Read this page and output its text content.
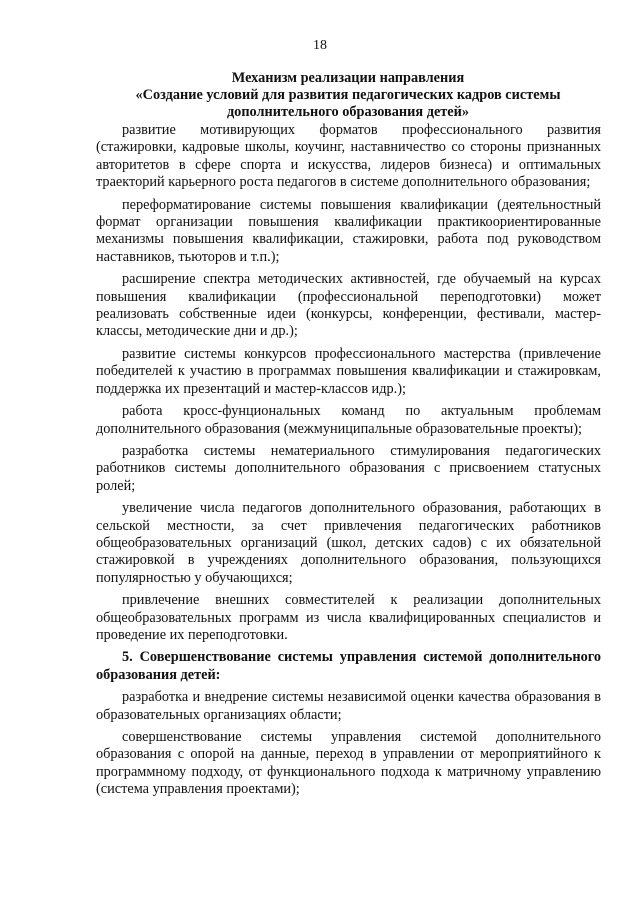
18
Механизм реализации направления
«Создание условий для развития педагогических кадров системы дополнительного образования детей»

развитие мотивирующих форматов профессионального развития (стажировки, кадровые школы, коучинг, наставничество со стороны признанных авторитетов в сфере спорта и искусства, лидеров бизнеса) и оптимальных траекторий карьерного роста педагогов в системе дополнительного образования;

переформатирование системы повышения квалификации (деятельностный формат организации повышения квалификации практикоориентированные механизмы повышения квалификации, стажировки, работа под руководством наставников, тьюторов и т.п.);

расширение спектра методических активностей, где обучаемый на курсах повышения квалификации (профессиональной переподготовки) может реализовать собственные идеи (конкурсы, конференции, фестивали, мастер-классы, методические дни и др.);

развитие системы конкурсов профессионального мастерства (привлечение победителей к участию в программах повышения квалификации и стажировкам, поддержка их презентаций и мастер-классов идр.);

работа кросс-фунциональных команд по актуальным проблемам дополнительного образования (межмуниципальные образовательные проекты);

разработка системы нематериального стимулирования педагогических работников системы дополнительного образования с присвоением статусных ролей;

увеличение числа педагогов дополнительного образования, работающих в сельской местности, за счет привлечения педагогических работников общеобразовательных организаций (школ, детских садов) с их обязательной стажировкой в учреждениях дополнительного образования, пользующихся популярностью у обучающихся;

привлечение внешних совместителей к реализации дополнительных общеобразовательных программ из числа квалифицированных специалистов и проведение их переподготовки.

5. Совершенствование системы управления системой дополнительного образования детей:

разработка и внедрение системы независимой оценки качества образования в образовательных организациях области;

совершенствование системы управления системой дополнительного образования с опорой на данные, переход в управлении от мероприятийного к программному подходу, от функционального подхода к матричному управлению (система управления проектами);
